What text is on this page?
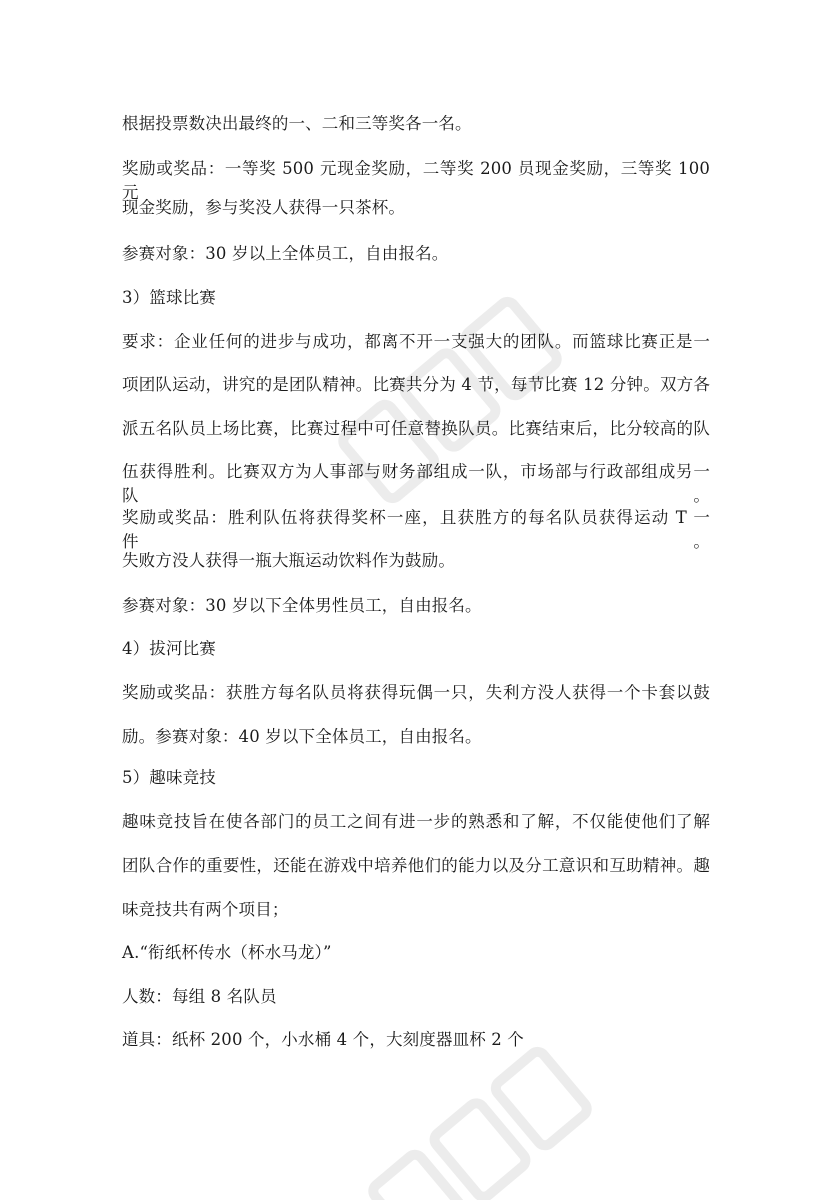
根据投票数决出最终的一、二和三等奖各一名。
奖励或奖品：一等奖 500 元现金奖励，二等奖 200 员现金奖励，三等奖 100 元
现金奖励，参与奖没人获得一只茶杯。
参赛对象：30 岁以上全体员工，自由报名。
3）篮球比赛
要求：企业任何的进步与成功，都离不开一支强大的团队。而篮球比赛正是一
项团队运动，讲究的是团队精神。比赛共分为 4 节，每节比赛 12 分钟。双方各
派五名队员上场比赛，比赛过程中可任意替换队员。比赛结束后，比分较高的队
伍获得胜利。比赛双方为人事部与财务部组成一队，市场部与行政部组成另一队。
奖励或奖品：胜利队伍将获得奖杯一座，且获胜方的每名队员获得运动 T 一件。
失败方没人获得一瓶大瓶运动饮料作为鼓励。
参赛对象：30 岁以下全体男性员工，自由报名。
4）拔河比赛
奖励或奖品：获胜方每名队员将获得玩偶一只，失利方没人获得一个卡套以鼓
励。参赛对象：40 岁以下全体员工，自由报名。
5）趣味竞技
趣味竞技旨在使各部门的员工之间有进一步的熟悉和了解，不仅能使他们了解
团队合作的重要性，还能在游戏中培养他们的能力以及分工意识和互助精神。趣
味竞技共有两个项目；
A.“衔纸杯传水（杯水马龙）”
人数：每组 8 名队员
道具：纸杯 200 个，小水桶 4 个，大刻度器皿杯 2 个
